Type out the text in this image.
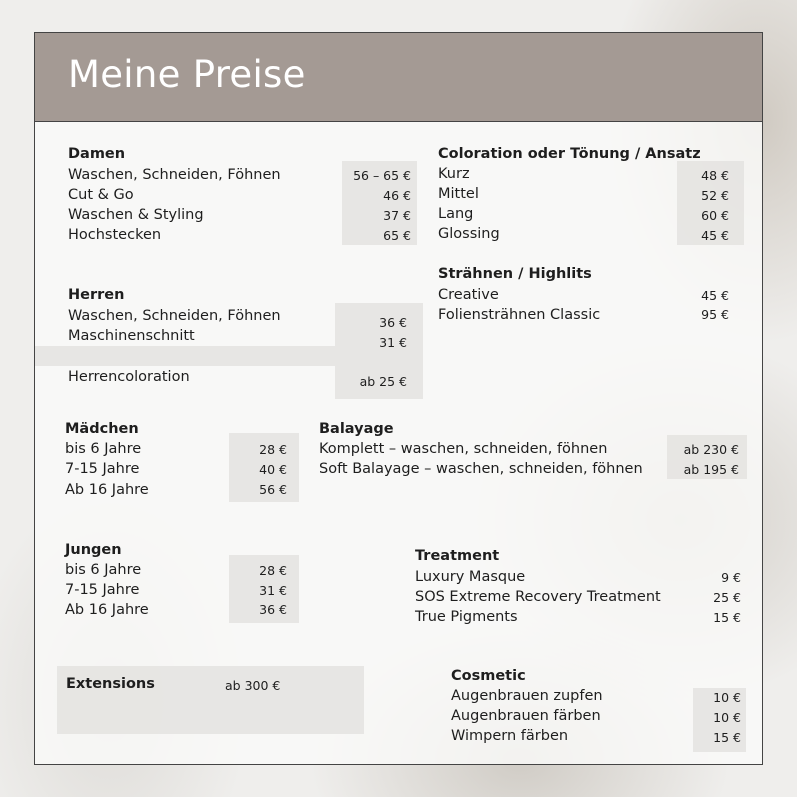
Meine Preise
Damen
Waschen, Schneiden, Föhnen	56 – 65 €
Cut & Go	46 €
Waschen & Styling	37 €
Hochstecken	65 €
Coloration oder Tönung / Ansatz
Kurz	48 €
Mittel	52 €
Lang	60 €
Glossing	45 €
Strähnen / Highlits
Creative	45 €
Foliensträhnen Classic	95 €
Herren
Waschen, Schneiden, Föhnen	36 €
Maschinenschnitt	31 €
Herrencoloration	ab 25 €
Mädchen
bis 6 Jahre	28 €
7-15 Jahre	40 €
Ab 16 Jahre	56 €
Balayage
Komplett – waschen, schneiden, föhnen	ab 230 €
Soft Balayage – waschen, schneiden, föhnen	ab 195 €
Jungen
bis 6 Jahre	28 €
7-15 Jahre	31 €
Ab 16 Jahre	36 €
Treatment
Luxury Masque	9 €
SOS Extreme Recovery Treatment	25 €
True Pigments	15 €
Extensions	ab 300 €
Cosmetic
Augenbrauen zupfen	10 €
Augenbrauen färben	10 €
Wimpern färben	15 €
